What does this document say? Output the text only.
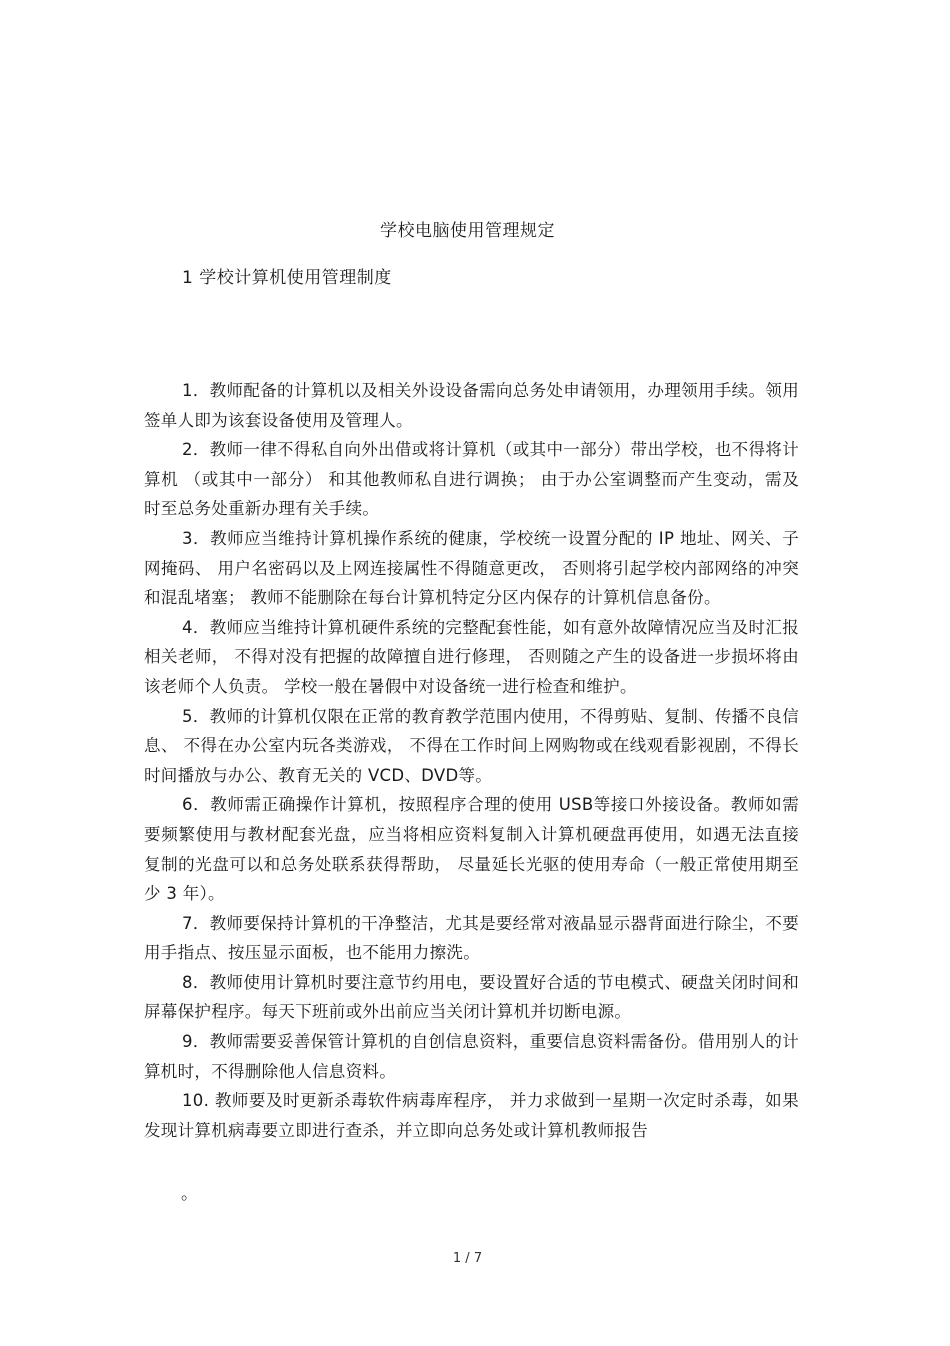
学校电脑使用管理规定
1 学校计算机使用管理制度

1．教师配备的计算机以及相关外设设备需向总务处申请领用，办理领用手续。领用签单人即为该套设备使用及管理人。

2．教师一律不得私自向外出借或将计算机（或其中一部分）带出学校，也不得将计算机 （或其中一部分） 和其他教师私自进行调换； 由于办公室调整而产生变动，需及时至总务处重新办理有关手续。

3．教师应当维持计算机操作系统的健康，学校统一设置分配的 IP 地址、网关、子网掩码、 用户名密码以及上网连接属性不得随意更改， 否则将引起学校内部网络的冲突和混乱堵塞； 教师不能删除在每台计算机特定分区内保存的计算机信息备份。

4．教师应当维持计算机硬件系统的完整配套性能，如有意外故障情况应当及时汇报相关老师， 不得对没有把握的故障擅自进行修理， 否则随之产生的设备进一步损坏将由该老师个人负责。 学校一般在暑假中对设备统一进行检查和维护。

5．教师的计算机仅限在正常的教育教学范围内使用，不得剪贴、复制、传播不良信息、 不得在办公室内玩各类游戏， 不得在工作时间上网购物或在线观看影视剧，不得长时间播放与办公、教育无关的 VCD、DVD等。

6．教师需正确操作计算机，按照程序合理的使用 USB等接口外接设备。教师如需要频繁使用与教材配套光盘，应当将相应资料复制入计算机硬盘再使用，如遇无法直接复制的光盘可以和总务处联系获得帮助， 尽量延长光驱的使用寿命（一般正常使用期至少 3 年）。

7．教师要保持计算机的干净整洁，尤其是要经常对液晶显示器背面进行除尘，不要用手指点、按压显示面板，也不能用力擦洗。

8．教师使用计算机时要注意节约用电，要设置好合适的节电模式、硬盘关闭时间和屏幕保护程序。每天下班前或外出前应当关闭计算机并切断电源。

9．教师需要妥善保管计算机的自创信息资料，重要信息资料需备份。借用别人的计算机时，不得删除他人信息资料。

10. 教师要及时更新杀毒软件病毒库程序， 并力求做到一星期一次定时杀毒，如果发现计算机病毒要立即进行查杀，并立即向总务处或计算机教师报告

。
1 / 7
